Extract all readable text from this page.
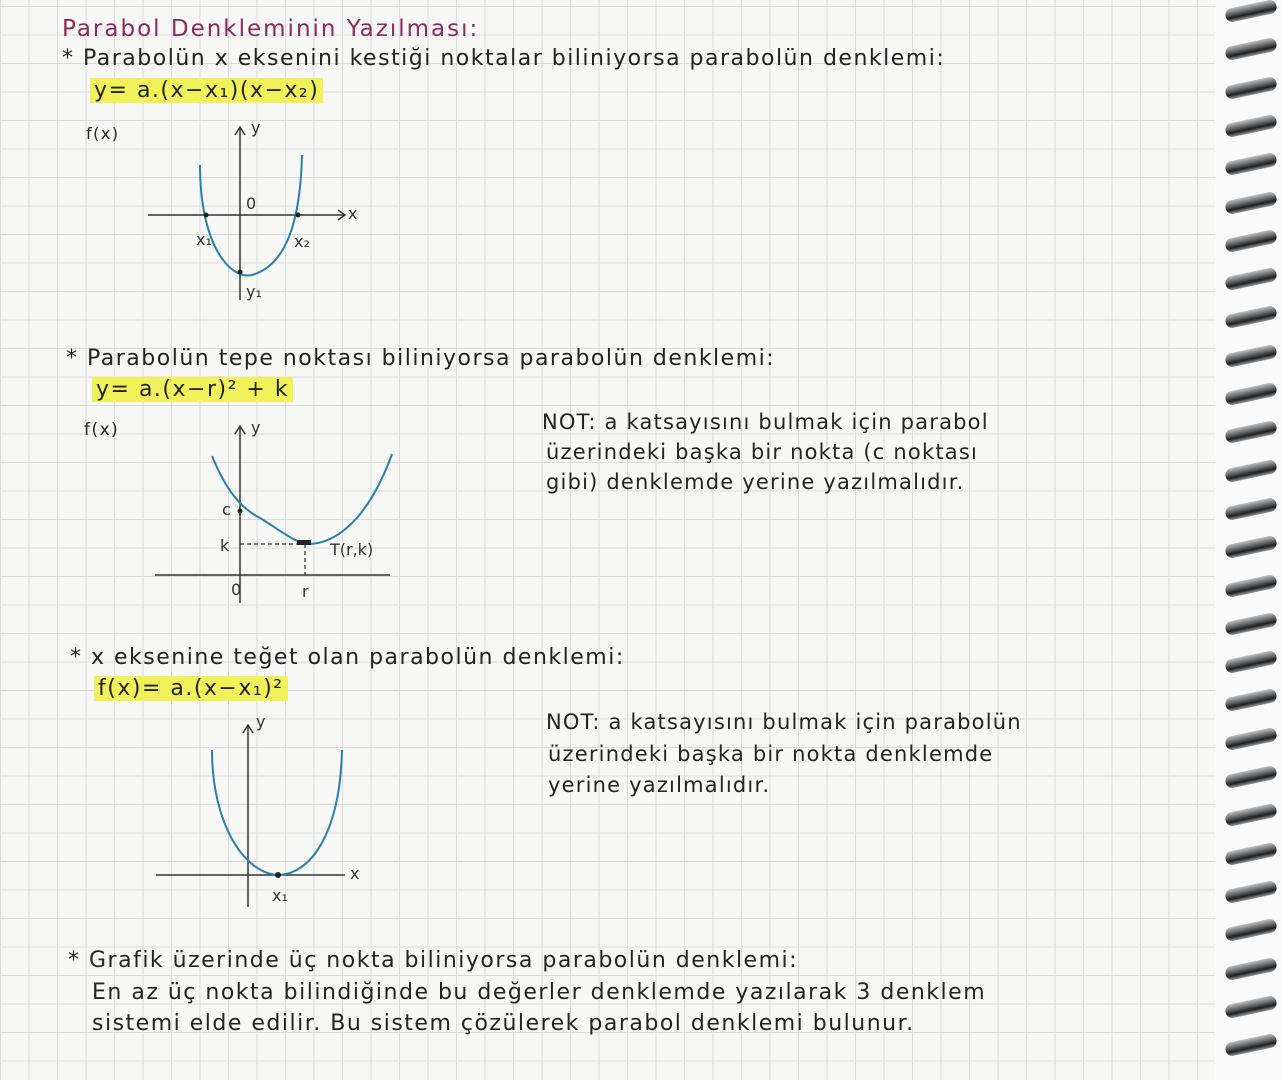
Parabol Denkleminin Yazılması:
* Parabolün x eksenini kestiği noktalar biliniyorsa parabolün denklemi:
y= a.(x−x₁)(x−x₂)
f(x)	y
x
0
x₁	x₂
y₁
* Parabolün tepe noktası biliniyorsa parabolün denklemi:
y= a.(x−r)² + k
f(x)	y
c
k
0	r
T(r,k)
NOT: a katsayısını bulmak için parabol
üzerindeki başka bir nokta (c noktası
gibi) denklemde yerine yazılmalıdır.
* x eksenine teğet olan parabolün denklemi:
f(x)= a.(x−x₁)²
y
x
x₁
NOT: a katsayısını bulmak için parabolün
üzerindeki başka bir nokta denklemde
yerine yazılmalıdır.
* Grafik üzerinde üç nokta biliniyorsa parabolün denklemi:
En az üç nokta bilindiğinde bu değerler denklemde yazılarak 3 denklem
sistemi elde edilir. Bu sistem çözülerek parabol denklemi bulunur.
